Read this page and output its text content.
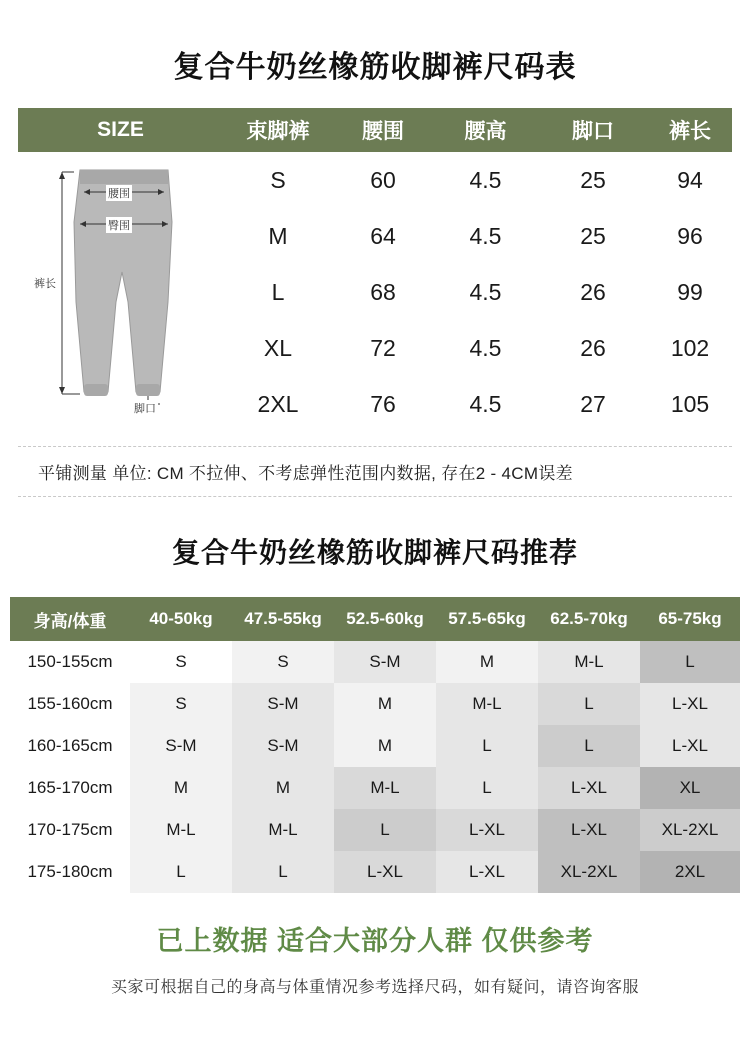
复合牛奶丝橡筋收脚裤尺码表
SIZE	束脚裤	腰围	腰高	脚口	裤长
腰围
臀围
裤长
脚口
S	60	4.5	25	94
M	64	4.5	25	96
L	68	4.5	26	99
XL	72	4.5	26	102
2XL	76	4.5	27	105
平铺测量 单位: CM 不拉伸、不考虑弹性范围内数据, 存在2 - 4CM误差
复合牛奶丝橡筋收脚裤尺码推荐
身高/体重	40-50kg	47.5-55kg	52.5-60kg	57.5-65kg	62.5-70kg	65-75kg
150-155cm	S	S	S-M	M	M-L	L
155-160cm	S	S-M	M	M-L	L	L-XL
160-165cm	S-M	S-M	M	L	L	L-XL
165-170cm	M	M	M-L	L	L-XL	XL
170-175cm	M-L	M-L	L	L-XL	L-XL	XL-2XL
175-180cm	L	L	L-XL	L-XL	XL-2XL	2XL
已上数据 适合大部分人群 仅供参考
买家可根据自己的身高与体重情况参考选择尺码，如有疑问，请咨询客服
